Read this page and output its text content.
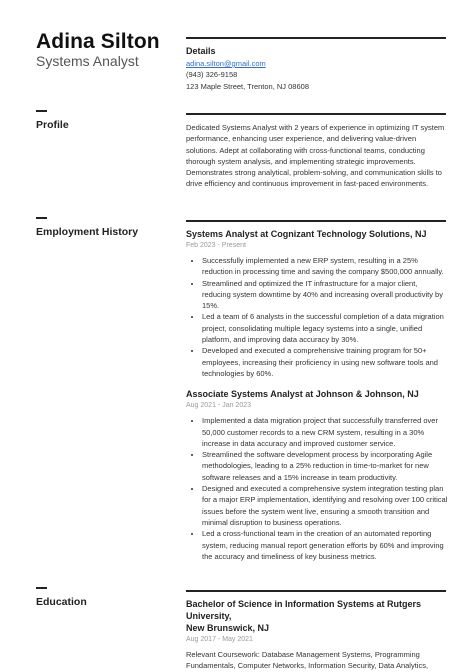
Adina Silton
Systems Analyst
Details
adina.silton@gmail.com
(943) 326-9158
123 Maple Street, Trenton, NJ 08608
Profile	Dedicated Systems Analyst with 2 years of experience in optimizing IT system performance, enhancing user experience, and delivering value-driven solutions. Adept at collaborating with cross-functional teams, conducting thorough system analysis, and implementing strategic improvements. Demonstrates strong analytical, problem-solving, and communication skills to drive efficiency and continuous improvement in fast-paced environments.
Employment History	Systems Analyst at Cognizant Technology Solutions, NJ
Feb 2023 - Present
• Successfully implemented a new ERP system, resulting in a 25% reduction in processing time and saving the company $500,000 annually.
• Streamlined and optimized the IT infrastructure for a major client, reducing system downtime by 40% and increasing overall productivity by 15%.
• Led a team of 6 analysts in the successful completion of a data migration project, consolidating multiple legacy systems into a single, unified platform, and improving data accuracy by 30%.
• Developed and executed a comprehensive training program for 50+ employees, increasing their proficiency in using new software tools and technologies by 60%.
Associate Systems Analyst at Johnson & Johnson, NJ
Aug 2021 - Jan 2023
• Implemented a data migration project that successfully transferred over 50,000 customer records to a new CRM system, resulting in a 30% increase in data accuracy and improved customer service.
• Streamlined the software development process by incorporating Agile methodologies, leading to a 25% reduction in time-to-market for new software releases and a 15% increase in team productivity.
• Designed and executed a comprehensive system integration testing plan for a major ERP implementation, identifying and resolving over 100 critical issues before the system went live, ensuring a smooth transition and minimal disruption to business operations.
• Led a cross-functional team in the creation of an automated reporting system, reducing manual report generation efforts by 60% and improving the accuracy and timeliness of key business metrics.
Education	Bachelor of Science in Information Systems at Rutgers University,
New Brunswick, NJ
Aug 2017 - May 2021
Relevant Coursework: Database Management Systems, Programming
Fundamentals, Computer Networks, Information Security, Data Analytics,
